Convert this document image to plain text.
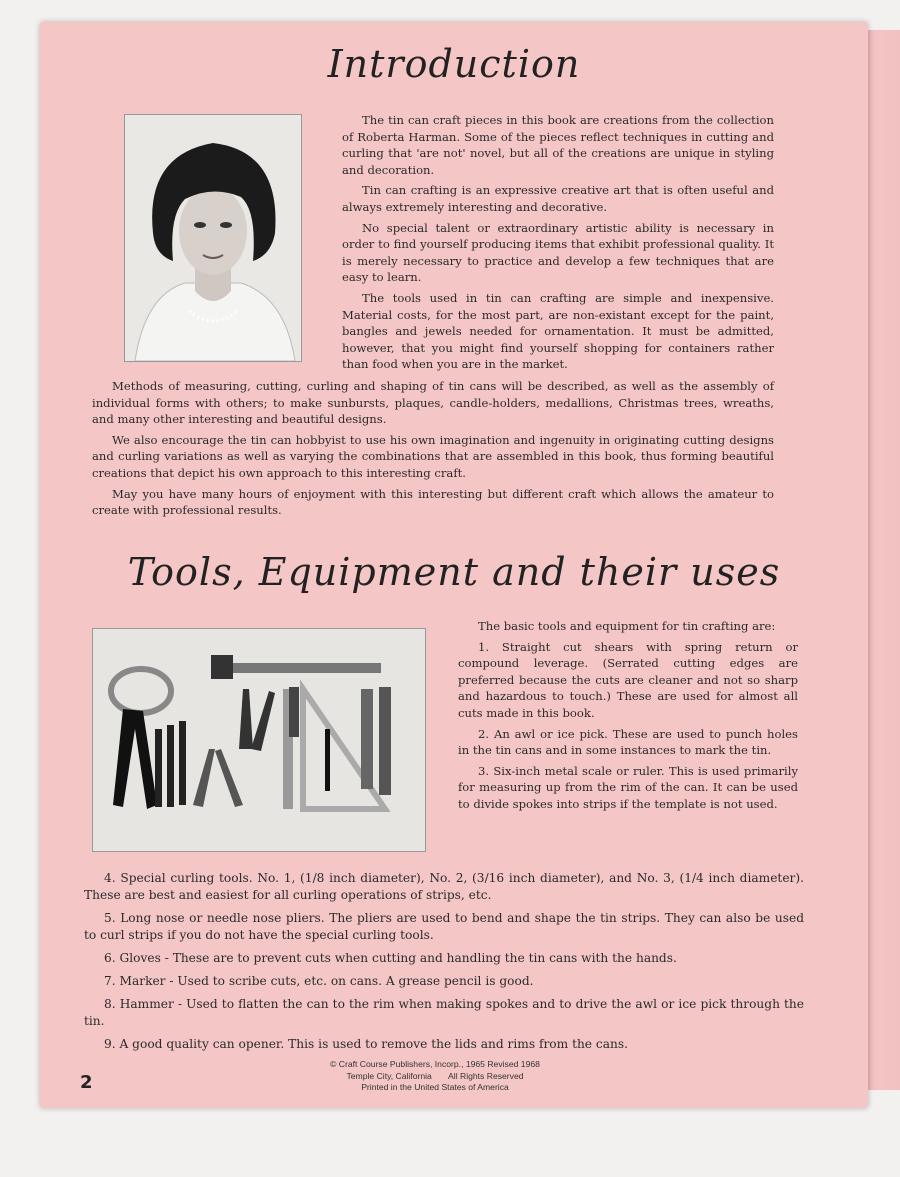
Introduction

The tin can craft pieces in this book are creations from the collection of Roberta Harman. Some of the pieces reflect techniques in cutting and curling that 'are not' novel, but all of the creations are unique in styling and decoration.

Tin can crafting is an expressive creative art that is often useful and always extremely interesting and decorative.

No special talent or extraordinary artistic ability is necessary in order to find yourself producing items that exhibit professional quality. It is merely necessary to practice and develop a few techniques that are easy to learn.

The tools used in tin can crafting are simple and inexpensive. Material costs, for the most part, are non-existant except for the paint, bangles and jewels needed for ornamentation. It must be admitted, however, that you might find yourself shopping for containers rather than food when you are in the market.

Methods of measuring, cutting, curling and shaping of tin cans will be described, as well as the assembly of individual forms with others; to make sunbursts, plaques, candle-holders, medallions, Christmas trees, wreaths, and many other interesting and beautiful designs.

We also encourage the tin can hobbyist to use his own imagination and ingenuity in originating cutting designs and curling variations as well as varying the combinations that are assembled in this book, thus forming beautiful creations that depict his own approach to this interesting craft.

May you have many hours of enjoyment with this interesting but different craft which allows the amateur to create with professional results.

Tools, Equipment and their uses

The basic tools and equipment for tin crafting are:

1. Straight cut shears with spring return or compound leverage. (Serrated cutting edges are preferred because the cuts are cleaner and not so sharp and hazardous to touch.) These are used for almost all cuts made in this book.

2. An awl or ice pick. These are used to punch holes in the tin cans and in some instances to mark the tin.

3. Six-inch metal scale or ruler. This is used primarily for measuring up from the rim of the can. It can be used to divide spokes into strips if the template is not used.

4. Special curling tools. No. 1, (1/8 inch diameter), No. 2, (3/16 inch diameter), and No. 3, (1/4 inch diameter). These are best and easiest for all curling operations of strips, etc.

5. Long nose or needle nose pliers. The pliers are used to bend and shape the tin strips. They can also be used to curl strips if you do not have the special curling tools.

6. Gloves - These are to prevent cuts when cutting and handling the tin cans with the hands.

7. Marker - Used to scribe cuts, etc. on cans. A grease pencil is good.

8. Hammer - Used to flatten the can to the rim when making spokes and to drive the awl or ice pick through the tin.

9. A good quality can opener. This is used to remove the lids and rims from the cans.

2
© Craft Course Publishers, Incorp., 1965 Revised 1968
Temple City, California       All Rights Reserved
Printed in the United States of America
